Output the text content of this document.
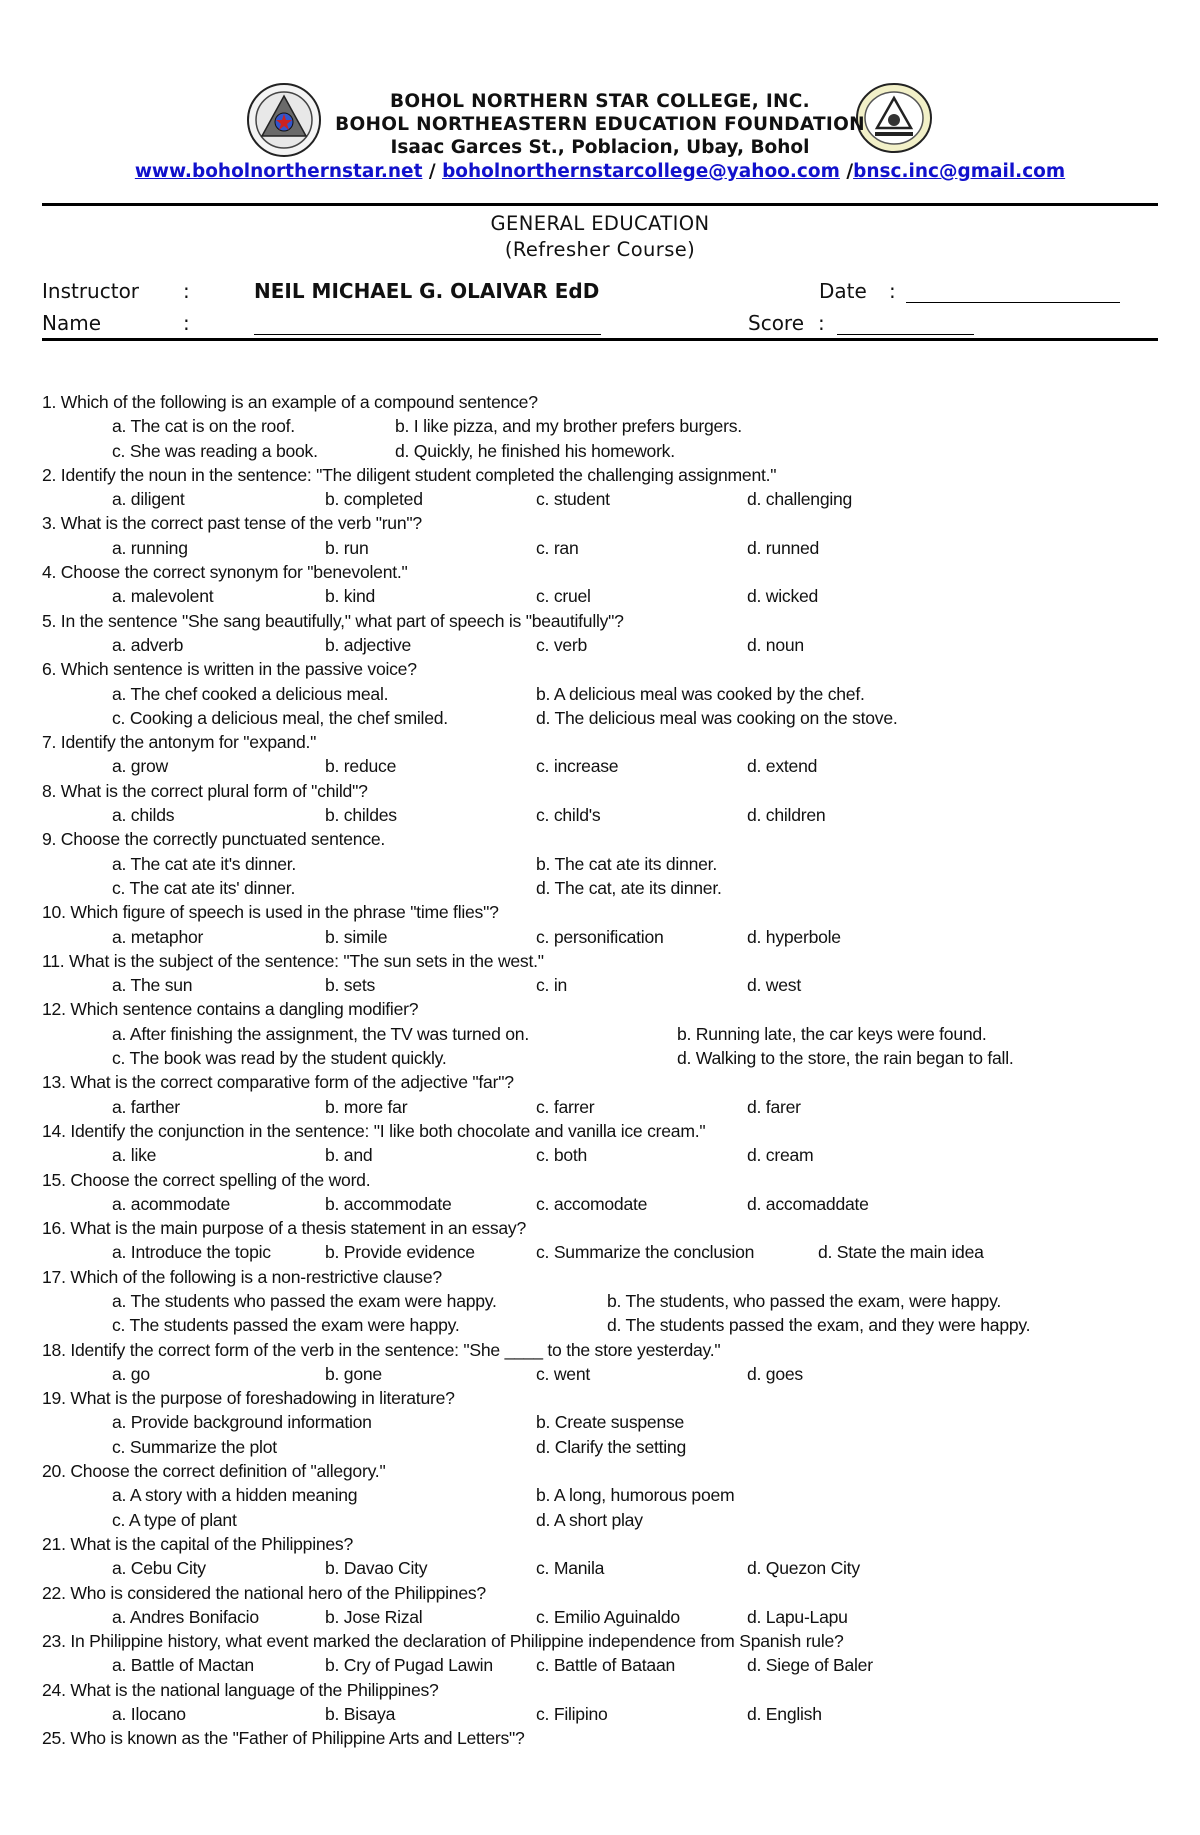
BOHOL NORTHERN STAR COLLEGE, INC.
BOHOL NORTHEASTERN EDUCATION FOUNDATION
Isaac Garces St., Poblacion, Ubay, Bohol
www.boholnorthernstar.net / boholnorthernstarcollege@yahoo.com /bnsc.inc@gmail.com
GENERAL EDUCATION
(Refresher Course)
Instructor :	NEIL MICHAEL G. OLAIVAR EdD	Date :
Name	:	Score :
1. Which of the following is an example of a compound sentence?
a. The cat is on the roof.	b. I like pizza, and my brother prefers burgers.
c. She was reading a book.	d. Quickly, he finished his homework.
2. Identify the noun in the sentence: "The diligent student completed the challenging assignment."
a. diligent	b. completed	c. student	d. challenging
3. What is the correct past tense of the verb "run"?
a. running	b. run	c. ran	d. runned
4. Choose the correct synonym for "benevolent."
a. malevolent	b. kind	c. cruel	d. wicked
5. In the sentence "She sang beautifully," what part of speech is "beautifully"?
a. adverb	b. adjective	c. verb	d. noun
6. Which sentence is written in the passive voice?
a. The chef cooked a delicious meal.	b. A delicious meal was cooked by the chef.
c. Cooking a delicious meal, the chef smiled.	d. The delicious meal was cooking on the stove.
7. Identify the antonym for "expand."
a. grow	b. reduce	c. increase	d. extend
8. What is the correct plural form of "child"?
a. childs	b. childes	c. child's	d. children
9. Choose the correctly punctuated sentence.
a. The cat ate it's dinner.	b. The cat ate its dinner.
c. The cat ate its' dinner.	d. The cat, ate its dinner.
10. Which figure of speech is used in the phrase "time flies"?
a. metaphor	b. simile	c. personification	d. hyperbole
11. What is the subject of the sentence: "The sun sets in the west."
a. The sun	b. sets	c. in	d. west
12. Which sentence contains a dangling modifier?
a. After finishing the assignment, the TV was turned on.	b. Running late, the car keys were found.
c. The book was read by the student quickly.	d. Walking to the store, the rain began to fall.
13. What is the correct comparative form of the adjective "far"?
a. farther	b. more far	c. farrer	d. farer
14. Identify the conjunction in the sentence: "I like both chocolate and vanilla ice cream."
a. like	b. and	c. both	d. cream
15. Choose the correct spelling of the word.
a. acommodate	b. accommodate	c. accomodate	d. accomaddate
16. What is the main purpose of a thesis statement in an essay?
a. Introduce the topic	b. Provide evidence	c. Summarize the conclusion	d. State the main idea
17. Which of the following is a non-restrictive clause?
a. The students who passed the exam were happy.	b. The students, who passed the exam, were happy.
c. The students passed the exam were happy.	d. The students passed the exam, and they were happy.
18. Identify the correct form of the verb in the sentence: "She ____ to the store yesterday."
a. go	b. gone	c. went	d. goes
19. What is the purpose of foreshadowing in literature?
a. Provide background information	b. Create suspense
c. Summarize the plot	d. Clarify the setting
20. Choose the correct definition of "allegory."
a. A story with a hidden meaning	b. A long, humorous poem
c. A type of plant	d. A short play
21. What is the capital of the Philippines?
a. Cebu City	b. Davao City	c. Manila	d. Quezon City
22. Who is considered the national hero of the Philippines?
a. Andres Bonifacio	b. Jose Rizal	c. Emilio Aguinaldo	d. Lapu-Lapu
23. In Philippine history, what event marked the declaration of Philippine independence from Spanish rule?
a. Battle of Mactan	b. Cry of Pugad Lawin c. Battle of Bataan	d. Siege of Baler
24. What is the national language of the Philippines?
a. Ilocano	b. Bisaya	c. Filipino	d. English
25. Who is known as the "Father of Philippine Arts and Letters"?
